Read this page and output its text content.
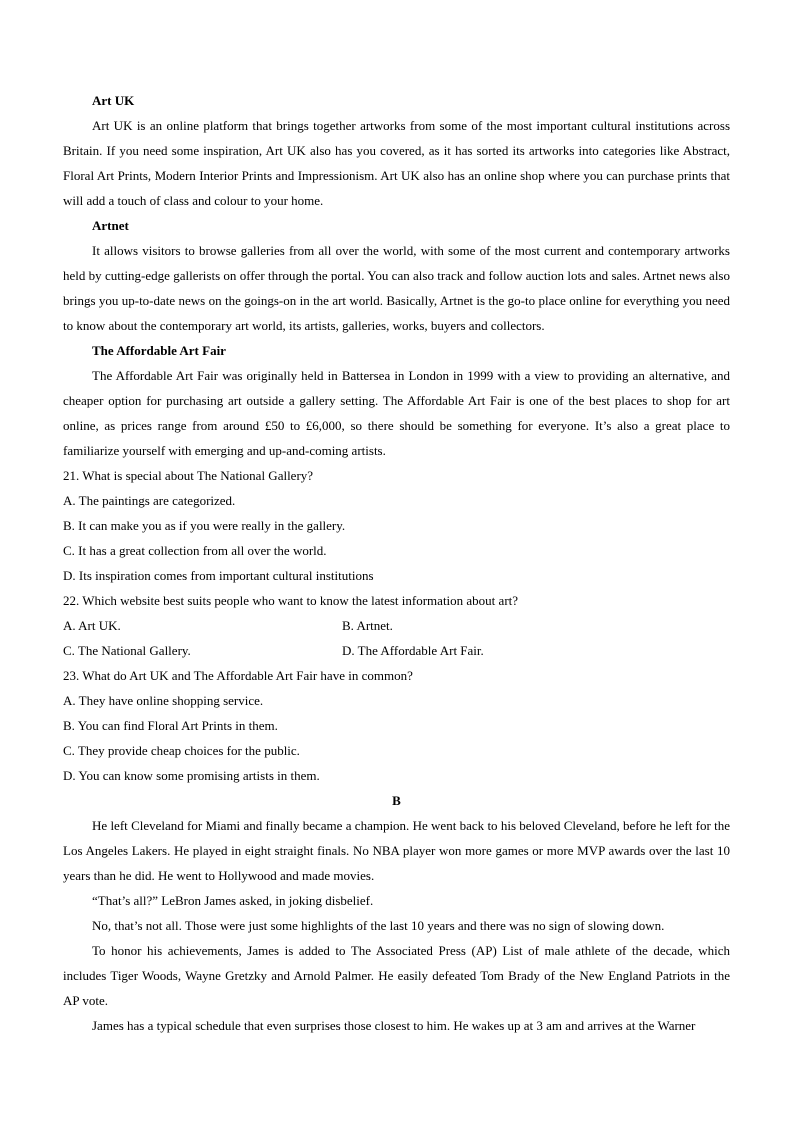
Art UK

Art UK is an online platform that brings together artworks from some of the most important cultural institutions across Britain. If you need some inspiration, Art UK also has you covered, as it has sorted its artworks into categories like Abstract, Floral Art Prints, Modern Interior Prints and Impressionism. Art UK also has an online shop where you can purchase prints that will add a touch of class and colour to your home.

Artnet

It allows visitors to browse galleries from all over the world, with some of the most current and contemporary artworks held by cutting-edge gallerists on offer through the portal. You can also track and follow auction lots and sales. Artnet news also brings you up-to-date news on the goings-on in the art world. Basically, Artnet is the go-to place online for everything you need to know about the contemporary art world, its artists, galleries, works, buyers and collectors.

The Affordable Art Fair

The Affordable Art Fair was originally held in Battersea in London in 1999 with a view to providing an alternative, and cheaper option for purchasing art outside a gallery setting. The Affordable Art Fair is one of the best places to shop for art online, as prices range from around £50 to £6,000, so there should be something for everyone. It’s also a great place to familiarize yourself with emerging and up-and-coming artists.

21. What is special about The National Gallery?
A. The paintings are categorized.
B. It can make you as if you were really in the gallery.
C. It has a great collection from all over the world.
D. Its inspiration comes from important cultural institutions
22. Which website best suits people who want to know the latest information about art?
A. Art UK.	B. Artnet.
C. The National Gallery.	D. The Affordable Art Fair.
23. What do Art UK and The Affordable Art Fair have in common?
A. They have online shopping service.
B. You can find Floral Art Prints in them.
C. They provide cheap choices for the public.
D. You can know some promising artists in them.
B

He left Cleveland for Miami and finally became a champion. He went back to his beloved Cleveland, before he left for the Los Angeles Lakers. He played in eight straight finals. No NBA player won more games or more MVP awards over the last 10 years than he did. He went to Hollywood and made movies.

“That’s all?” LeBron James asked, in joking disbelief.

No, that’s not all. Those were just some highlights of the last 10 years and there was no sign of slowing down.

To honor his achievements, James is added to The Associated Press (AP) List of male athlete of the decade, which includes Tiger Woods, Wayne Gretzky and Arnold Palmer. He easily defeated Tom Brady of the New England Patriots in the AP vote.

James has a typical schedule that even surprises those closest to him. He wakes up at 3 am and arrives at the Warner
